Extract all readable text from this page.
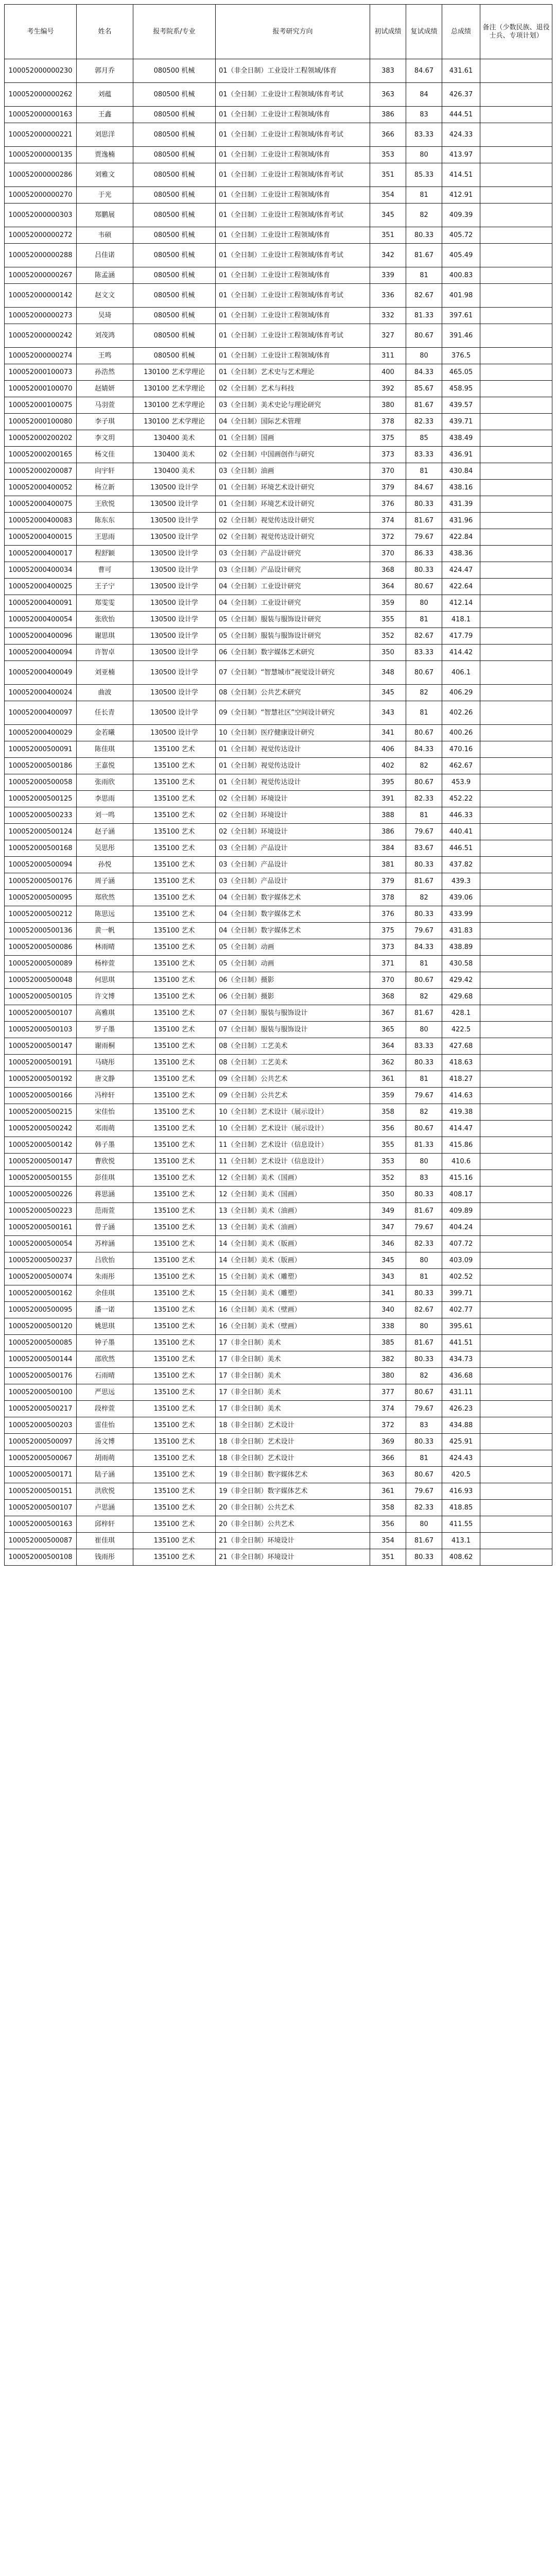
考生编号	姓名	报考院系/专业	报考研究方向	初试成绩	复试成绩	总成绩	备注（少数民族、退役士兵、专项计划）
100052000000230	郭月乔	080500 机械	01（非全日制）工业设计工程领域/体育	383	84.67	431.61	
100052000000262	刘蕴	080500 机械	01（全日制）工业设计工程领域/体育考试	363	84	426.37	
100052000000163	王鑫	080500 机械	01（全日制）工业设计工程领域/体育	386	83	444.51	
100052000000221	刘思洋	080500 机械	01（全日制）工业设计工程领域/体育考试	366	83.33	424.33	
100052000000135	贾逸楠	080500 机械	01（全日制）工业设计工程领域/体育	353	80	413.97	
100052000000286	刘雅文	080500 机械	01（全日制）工业设计工程领域/体育考试	351	85.33	414.51	
100052000000270	于光	080500 机械	01（全日制）工业设计工程领域/体育	354	81	412.91	
100052000000303	郑鹏展	080500 机械	01（全日制）工业设计工程领域/体育考试	345	82	409.39	
100052000000272	韦硕	080500 机械	01（全日制）工业设计工程领域/体育	351	80.33	405.72	
100052000000288	吕佳诺	080500 机械	01（全日制）工业设计工程领域/体育考试	342	81.67	405.49	
100052000000267	陈孟涵	080500 机械	01（全日制）工业设计工程领域/体育	339	81	400.83	
100052000000142	赵文文	080500 机械	01（全日制）工业设计工程领域/体育考试	336	82.67	401.98	
100052000000273	吴琦	080500 机械	01（全日制）工业设计工程领域/体育	332	81.33	397.61	
100052000000242	刘茂鸿	080500 机械	01（全日制）工业设计工程领域/体育考试	327	80.67	391.46	
100052000000274	王鸣	080500 机械	01（全日制）工业设计工程领域/体育	311	80	376.5	
100052000100073	孙浩然	130100 艺术学理论	01（全日制）艺术史与艺术理论	400	84.33	465.05	
100052000100070	赵婧妍	130100 艺术学理论	02（全日制）艺术与科技	392	85.67	458.95	
100052000100075	马羽萱	130100 艺术学理论	03（全日制）美术史论与理论研究	380	81.67	439.57	
100052000100080	李子琪	130100 艺术学理论	04（全日制）国际艺术管理	378	82.33	439.71	
100052000200202	李文玥	130400 美术	01（全日制）国画	375	85	438.49	
100052000200165	杨文佳	130400 美术	02（全日制）中国画创作与研究	373	83.33	436.91	
100052000200087	向宇轩	130400 美术	03（全日制）油画	370	81	430.84	
100052000400052	杨立新	130500 设计学	01（全日制）环境艺术设计研究	379	84.67	438.16	
100052000400075	王欣悦	130500 设计学	01（全日制）环境艺术设计研究	376	80.33	431.39	
100052000400083	陈东东	130500 设计学	02（全日制）视觉传达设计研究	374	81.67	431.96	
100052000400015	王思雨	130500 设计学	02（全日制）视觉传达设计研究	372	79.67	422.84	
100052000400017	程舒颖	130500 设计学	03（全日制）产品设计研究	370	86.33	438.36	
100052000400034	曹可	130500 设计学	03（全日制）产品设计研究	368	80.33	424.47	
100052000400025	王子宁	130500 设计学	04（全日制）工业设计研究	364	80.67	422.64	
100052000400091	郑雯雯	130500 设计学	04（全日制）工业设计研究	359	80	412.14	
100052000400054	张欣怡	130500 设计学	05（全日制）服装与服饰设计研究	355	81	418.1	
100052000400096	谢思琪	130500 设计学	05（全日制）服装与服饰设计研究	352	82.67	417.79	
100052000400094	许智卓	130500 设计学	06（全日制）数字媒体艺术研究	350	83.33	414.42	
100052000400049	刘亚楠	130500 设计学	07（全日制）“智慧城市”视觉设计研究	348	80.67	406.1	
100052000400024	曲波	130500 设计学	08（全日制）公共艺术研究	345	82	406.29	
100052000400097	任长青	130500 设计学	09（全日制）“智慧社区”空间设计研究	343	81	402.26	
100052000400029	金若曦	130500 设计学	10（全日制）医疗健康设计研究	341	80.67	400.26	
100052000500091	陈佳琪	135100 艺术	01（全日制）视觉传达设计	406	84.33	470.16	
100052000500186	王嘉悦	135100 艺术	01（全日制）视觉传达设计	402	82	462.67	
100052000500058	张雨欣	135100 艺术	01（全日制）视觉传达设计	395	80.67	453.9	
100052000500125	李思雨	135100 艺术	02（全日制）环境设计	391	82.33	452.22	
100052000500233	刘一鸣	135100 艺术	02（全日制）环境设计	388	81	446.33	
100052000500124	赵子涵	135100 艺术	02（全日制）环境设计	386	79.67	440.41	
100052000500168	吴思彤	135100 艺术	03（全日制）产品设计	384	83.67	446.51	
100052000500094	孙悦	135100 艺术	03（全日制）产品设计	381	80.33	437.82	
100052000500176	周子涵	135100 艺术	03（全日制）产品设计	379	81.67	439.3	
100052000500095	郑欣然	135100 艺术	04（全日制）数字媒体艺术	378	82	439.06	
100052000500212	陈思远	135100 艺术	04（全日制）数字媒体艺术	376	80.33	433.99	
100052000500136	黄一帆	135100 艺术	04（全日制）数字媒体艺术	375	79.67	431.83	
100052000500086	林雨晴	135100 艺术	05（全日制）动画	373	84.33	438.89	
100052000500089	杨梓萱	135100 艺术	05（全日制）动画	371	81	430.58	
100052000500048	何思琪	135100 艺术	06（全日制）摄影	370	80.67	429.42	
100052000500105	许文博	135100 艺术	06（全日制）摄影	368	82	429.68	
100052000500107	高雅琪	135100 艺术	07（全日制）服装与服饰设计	367	81.67	428.1	
100052000500103	罗子墨	135100 艺术	07（全日制）服装与服饰设计	365	80	422.5	
100052000500147	谢雨桐	135100 艺术	08（全日制）工艺美术	364	83.33	427.68	
100052000500191	马晓彤	135100 艺术	08（全日制）工艺美术	362	80.33	418.63	
100052000500192	唐文静	135100 艺术	09（全日制）公共艺术	361	81	418.27	
100052000500166	冯梓轩	135100 艺术	09（全日制）公共艺术	359	79.67	414.63	
100052000500215	宋佳怡	135100 艺术	10（全日制）艺术设计（展示设计）	358	82	419.38	
100052000500242	邓雨萌	135100 艺术	10（全日制）艺术设计（展示设计）	356	80.67	414.47	
100052000500142	韩子墨	135100 艺术	11（全日制）艺术设计（信息设计）	355	81.33	415.86	
100052000500147	曹欣悦	135100 艺术	11（全日制）艺术设计（信息设计）	353	80	410.6	
100052000500155	彭佳琪	135100 艺术	12（全日制）美术（国画）	352	83	415.16	
100052000500226	蒋思涵	135100 艺术	12（全日制）美术（国画）	350	80.33	408.17	
100052000500223	范雨萱	135100 艺术	13（全日制）美术（油画）	349	81.67	409.89	
100052000500161	曾子涵	135100 艺术	13（全日制）美术（油画）	347	79.67	404.24	
100052000500054	苏梓涵	135100 艺术	14（全日制）美术（版画）	346	82.33	407.72	
100052000500237	吕欣怡	135100 艺术	14（全日制）美术（版画）	345	80	403.09	
100052000500074	朱雨彤	135100 艺术	15（全日制）美术（雕塑）	343	81	402.52	
100052000500162	余佳琪	135100 艺术	15（全日制）美术（雕塑）	341	80.33	399.71	
100052000500095	潘一诺	135100 艺术	16（全日制）美术（壁画）	340	82.67	402.77	
100052000500120	姚思琪	135100 艺术	16（全日制）美术（壁画）	338	80	395.61	
100052000500085	钟子墨	135100 艺术	17（非全日制）美术	385	81.67	441.51	
100052000500144	邵欣然	135100 艺术	17（非全日制）美术	382	80.33	434.73	
100052000500176	石雨晴	135100 艺术	17（非全日制）美术	380	82	436.68	
100052000500100	严思远	135100 艺术	17（非全日制）美术	377	80.67	431.11	
100052000500217	段梓萱	135100 艺术	17（非全日制）美术	374	79.67	426.23	
100052000500203	雷佳怡	135100 艺术	18（非全日制）艺术设计	372	83	434.88	
100052000500097	汤文博	135100 艺术	18（非全日制）艺术设计	369	80.33	425.91	
100052000500067	胡雨萌	135100 艺术	18（非全日制）艺术设计	366	81	424.43	
100052000500171	陆子涵	135100 艺术	19（非全日制）数字媒体艺术	363	80.67	420.5	
100052000500151	洪欣悦	135100 艺术	19（非全日制）数字媒体艺术	361	79.67	416.93	
100052000500107	卢思涵	135100 艺术	20（非全日制）公共艺术	358	82.33	418.85	
100052000500163	邱梓轩	135100 艺术	20（非全日制）公共艺术	356	80	411.55	
100052000500087	崔佳琪	135100 艺术	21（非全日制）环境设计	354	81.67	413.1	
100052000500108	钱雨彤	135100 艺术	21（非全日制）环境设计	351	80.33	408.62	
